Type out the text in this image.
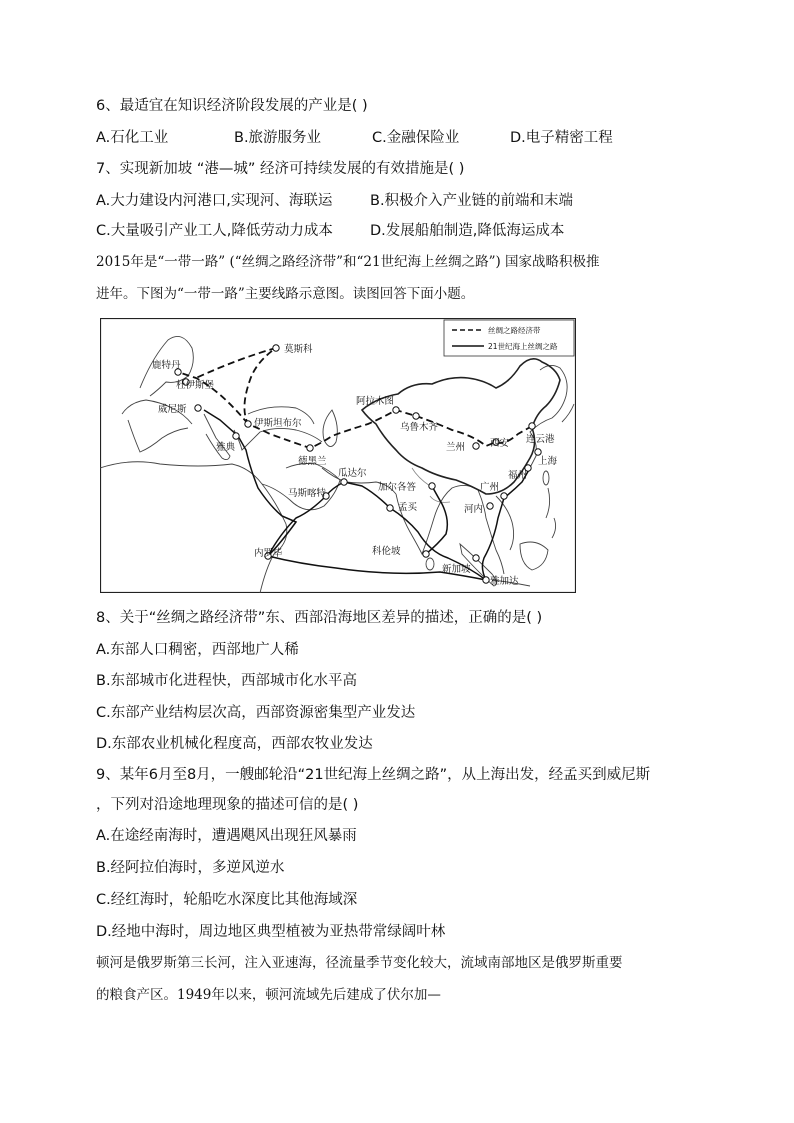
6、最适宜在知识经济阶段发展的产业是( )
A.石化工业	B.旅游服务业	C.金融保险业	D.电子精密工程
7、实现新加坡 “港—城” 经济可持续发展的有效措施是( )
A.大力建设内河港口,实现河、海联运	B.积极介入产业链的前端和末端
C.大量吸引产业工人,降低劳动力成本	D.发展船舶制造,降低海运成本
2015年是“一带一路” (“丝绸之路经济带”和“21世纪海上丝绸之路”) 国家战略积极推
进年。下图为“一带一路”主要线路示意图。读图回答下面小题。
丝绸之路经济带
21世纪海上丝绸之路
鹿特丹
莫斯科
杜伊斯堡
威尼斯
伊斯坦布尔
雅典
阿拉木图
乌鲁木齐
兰州	西安 连云港
德黑兰	上海
福州
瓜达尔
加尔各答	广州
马斯喀特
孟买	河内
科伦坡
内罗毕
新加坡
雅加达
8、关于“丝绸之路经济带”东、西部沿海地区差异的描述，正确的是( )
A.东部人口稠密，西部地广人稀
B.东部城市化进程快，西部城市化水平高
C.东部产业结构层次高，西部资源密集型产业发达
D.东部农业机械化程度高，西部农牧业发达
9、某年6月至8月，一艘邮轮沿“21世纪海上丝绸之路”，从上海出发，经孟买到威尼斯
，下列对沿途地理现象的描述可信的是( )
A.在途经南海时，遭遇飓风出现狂风暴雨
B.经阿拉伯海时，多逆风逆水
C.经红海时，轮船吃水深度比其他海域深
D.经地中海时，周边地区典型植被为亚热带常绿阔叶林
顿河是俄罗斯第三长河，注入亚速海，径流量季节变化较大，流域南部地区是俄罗斯重要
的粮食产区。1949年以来，顿河流域先后建成了伏尔加—
